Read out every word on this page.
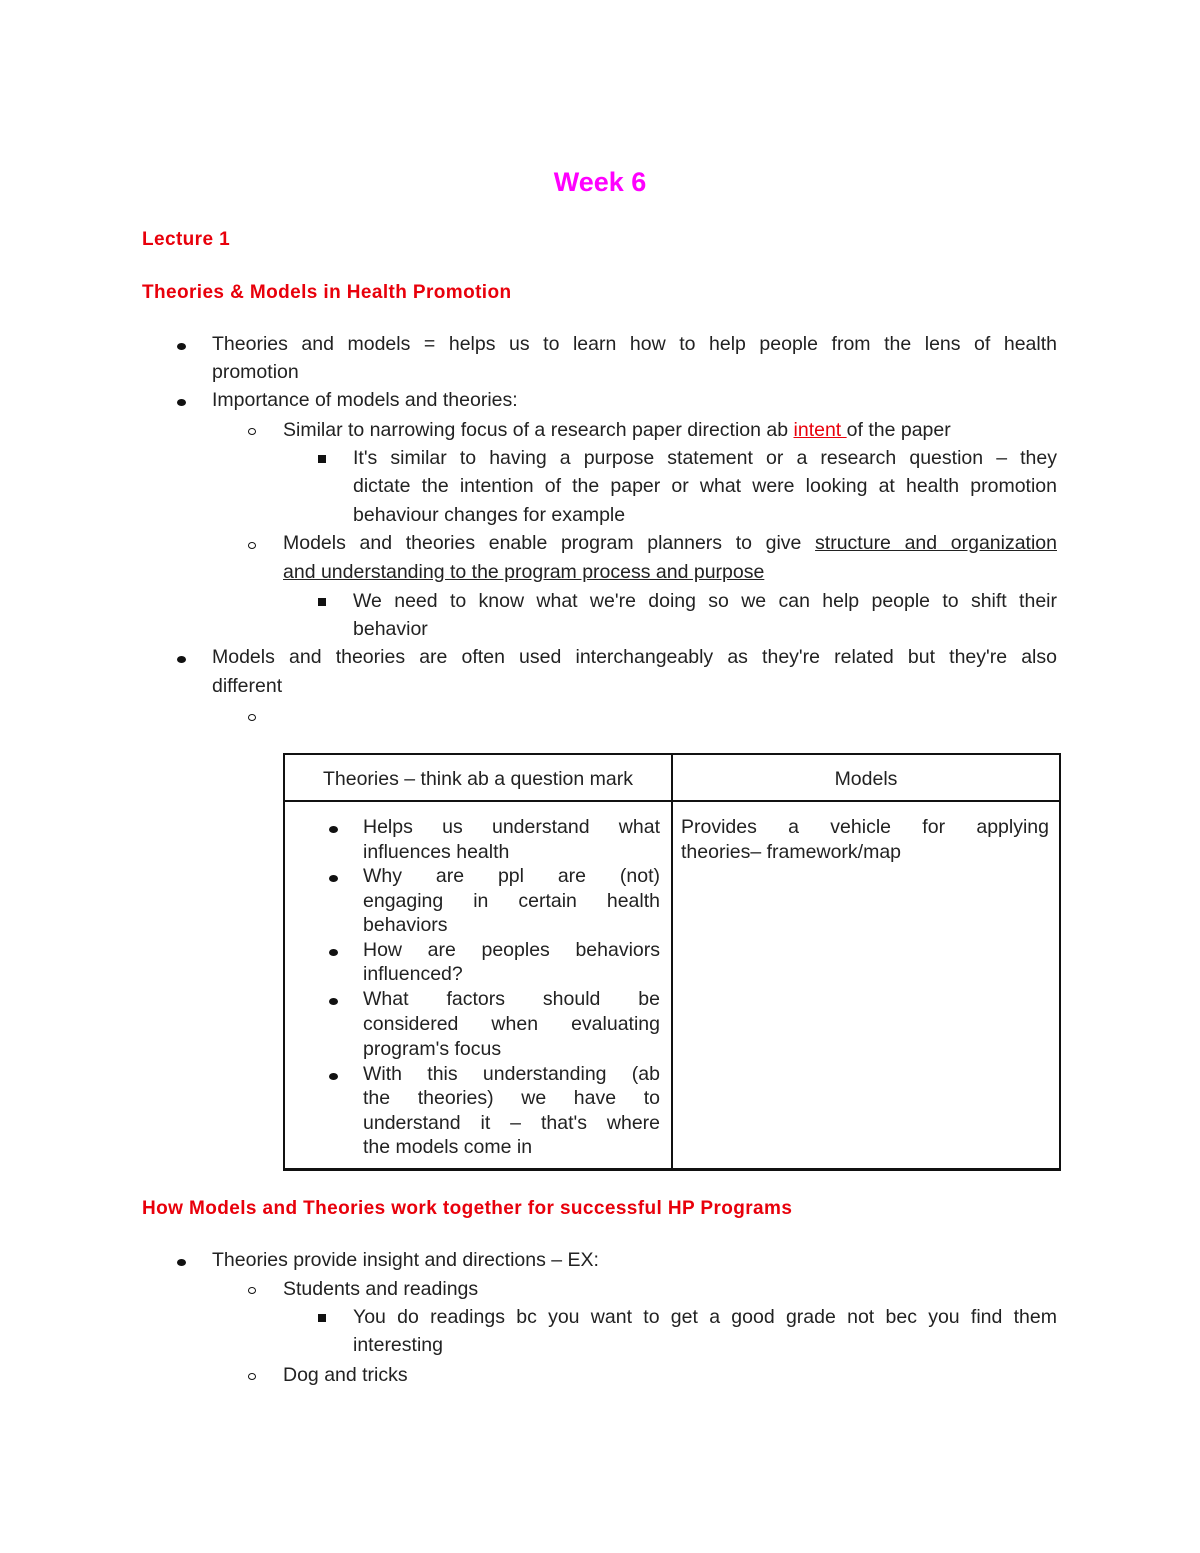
Week 6
Lecture 1
Theories & Models in Health Promotion
Theories and models = helps us to learn how to help people from the lens of health
promotion
Importance of models and theories:
Similar to narrowing focus of a research paper direction ab intent of the paper
It's similar to having a purpose statement or a research question – they
dictate the intention of the paper or what were looking at health promotion
behaviour changes for example
Models and theories enable program planners to give structure and organization
and understanding to the program process and purpose
We need to know what we're doing so we can help people to shift their
behavior
Models and theories are often used interchangeably as they're related but they're also
different
Theories – think ab a question mark	Models
Helps us understand what
influences health
Why are ppl are (not)
engaging in certain health
behaviors
How are peoples behaviors
influenced?
What factors should be
considered when evaluating
program's focus
With this understanding (ab
the theories) we have to
understand it – that's where
the models come in
Provides a vehicle for applying
theories– framework/map
How Models and Theories work together for successful HP Programs
Theories provide insight and directions – EX:
Students and readings
You do readings bc you want to get a good grade not bec you find them
interesting
Dog and tricks
